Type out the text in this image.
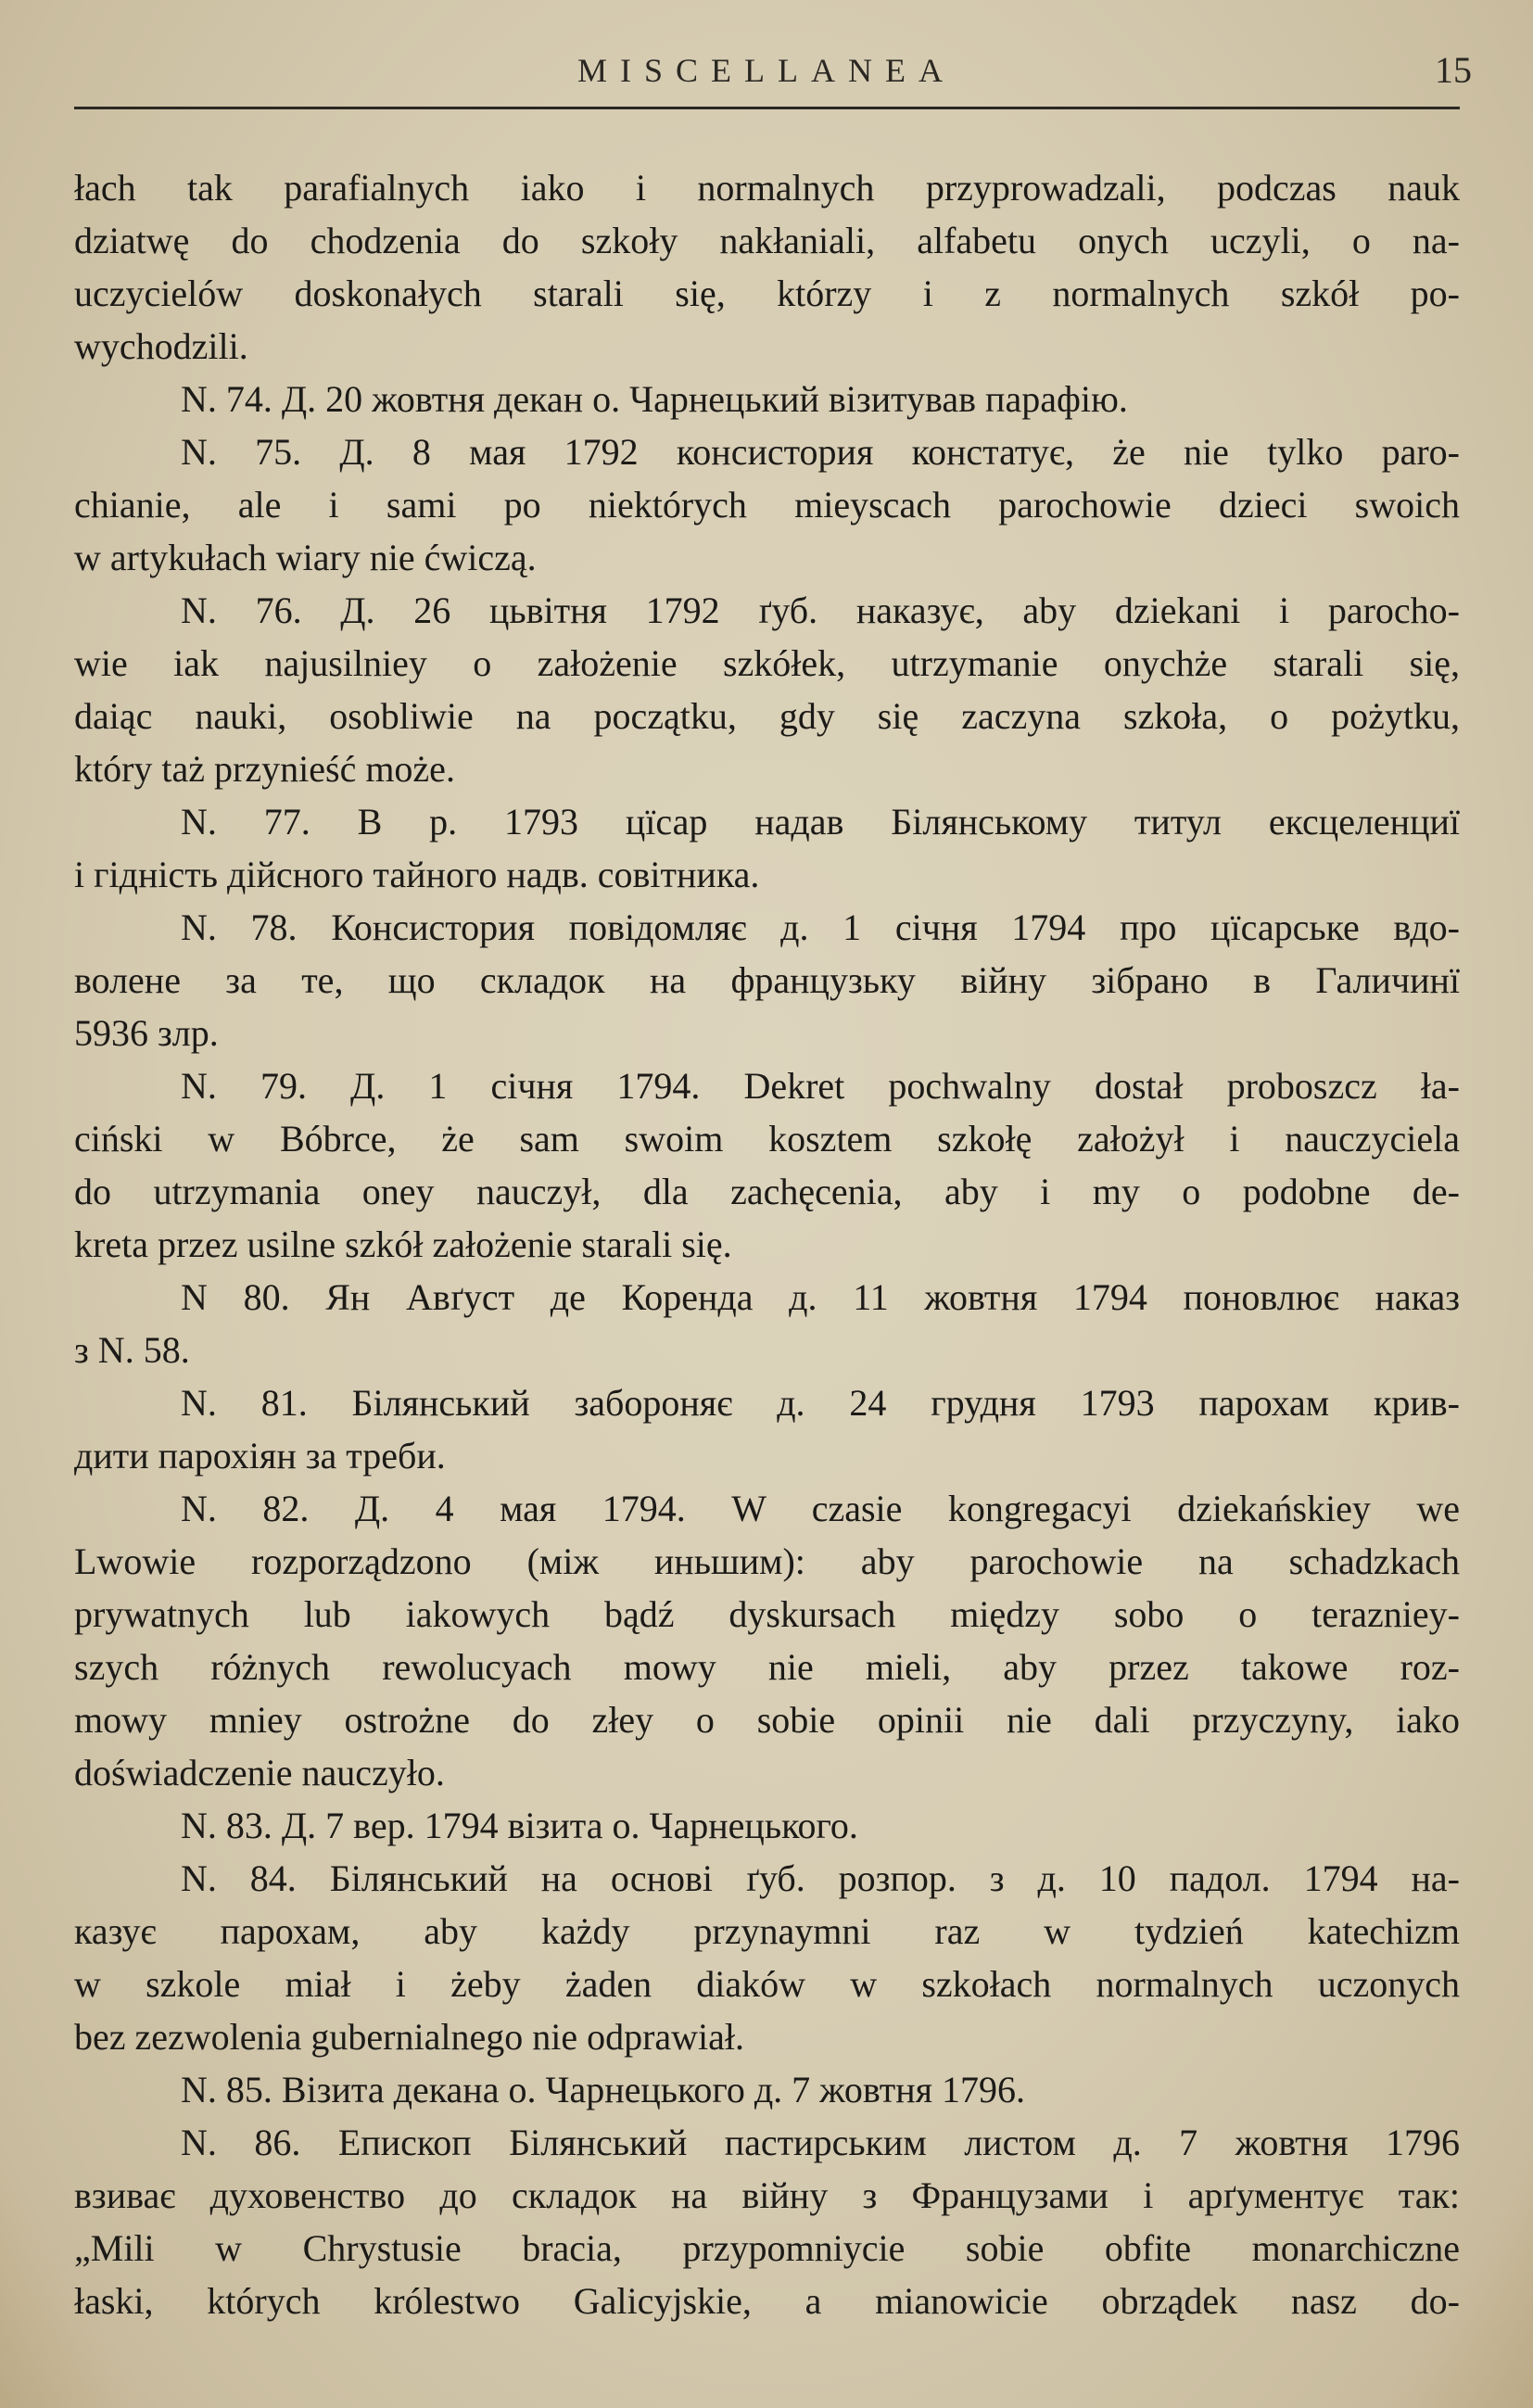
MISCELLANEA	15
łach tak parafialnych iako i normalnych przyprowadzali, podczas nauk
dziatwę do chodzenia do szkoły nakłaniali, alfabetu onych uczyli, o na-
uczycielów doskonałych starali się, którzy i z normalnych szkół po-
wychodzili.
N. 74. Д. 20 жовтня декан о. Чарнецький візитував парафію.
N. 75. Д. 8 мая 1792 консистория констатує, że nie tylko paro-
chianie, ale i sami po niektórych mieyscach parochowie dzieci swoich
w artykułach wiary nie ćwiczą.
N. 76. Д. 26 цьвітня 1792 ґуб. наказує, aby dziekani i parocho-
wie iak najusilniey o założenie szkółek, utrzymanie onychże starali się,
daiąc nauki, osobliwie na początku, gdy się zaczyna szkoła, o pożytku,
który taż przynieść może.
N. 77. В р. 1793 цїсар надав Білянському титул ексцеленциї
і гідність дійсного тайного надв. совітника.
N. 78. Консистория повідомляє д. 1 січня 1794 про цїсарське вдо-
волене за те, що складок на французьку війну зібрано в Галичинї
5936 злр.
N. 79. Д. 1 січня 1794. Dekret pochwalny dostał proboszcz ła-
ciński w Bóbrce, że sam swoim kosztem szkołę założył i nauczyciela
do utrzymania oney nauczył, dla zachęcenia, aby i my o podobne de-
kreta przez usilne szkół założenie starali się.
N 80. Ян Авґуст де Коренда д. 11 жовтня 1794 поновлює наказ
з N. 58.
N. 81. Білянський забороняє д. 24 грудня 1793 парохам крив-
дити парохіян за треби.
N. 82. Д. 4 мая 1794. W czasie kongregacyi dziekańskiey we
Lwowie rozporządzono (між иньшим): aby parochowie na schadzkach
prywatnych lub iakowych bądź dyskursach między sobo o terazniey-
szych różnych rewolucyach mowy nie mieli, aby przez takowe roz-
mowy mniey ostrożne do złey o sobie opinii nie dali przyczyny, iako
doświadczenie nauczyło.
N. 83. Д. 7 вер. 1794 візита о. Чарнецького.
N. 84. Білянський на основі ґуб. розпор. з д. 10 падол. 1794 на-
казує парохам, aby każdy przynaymni raz w tydzień katechizm
w szkole miał i żeby żaden diaków w szkołach normalnych uczonych
bez zezwolenia gubernialnego nie odprawiał.
N. 85. Візита декана о. Чарнецького д. 7 жовтня 1796.
N. 86. Епископ Білянський пастирським листом д. 7 жовтня 1796
взиває духовенство до складок на війну з Французами і арґументує так:
„Mili w Chrystusie bracia, przypomniycie sobie obfite monarchiczne
łaski, których królestwo Galicyjskie, a mianowicie obrządek nasz do-
